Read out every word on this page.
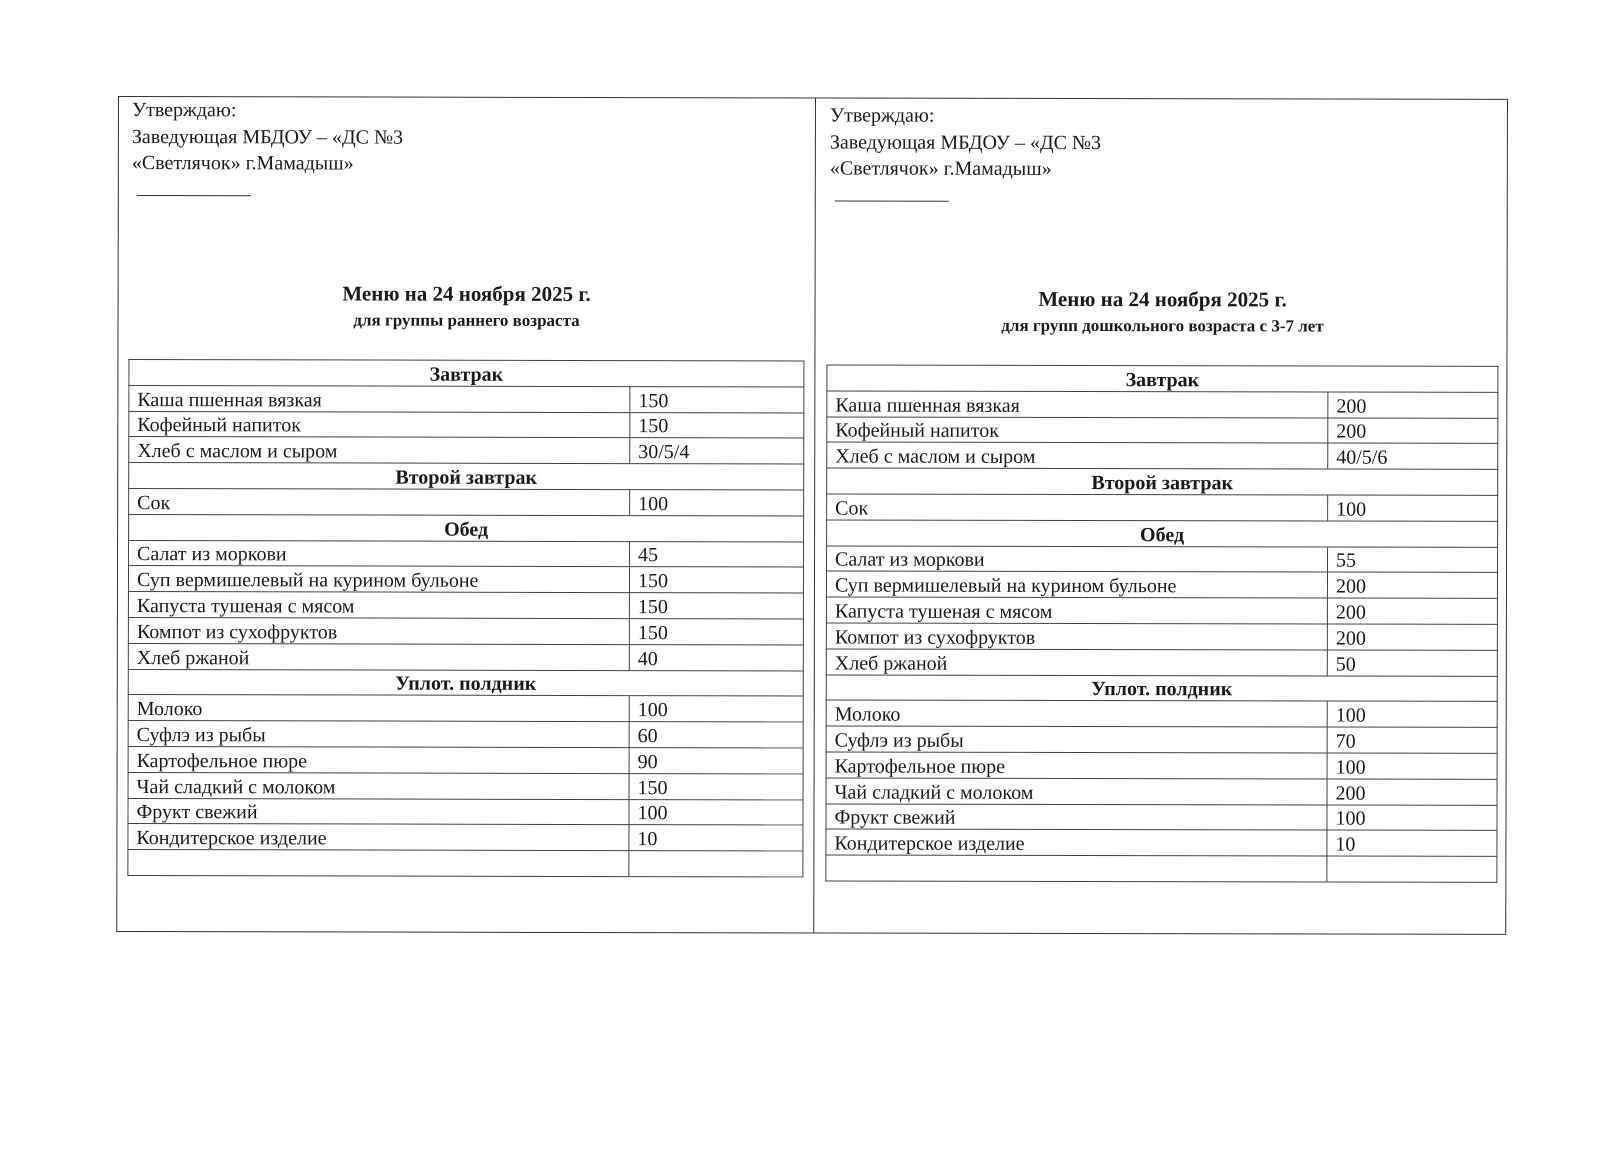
Утверждаю:
Заведующая МБДОУ – «ДС №3
«Светлячок» г.Мамадыш»
Меню на 24 ноября 2025 г.
для группы раннего возраста
Завтрак	
Каша пшенная вязкая	150
Кофейный напиток	150
Хлеб с маслом и сыром	30/5/4
Второй завтрак	
Сок	100
Обед	
Салат из моркови	45
Суп вермишелевый на курином бульоне	150
Капуста тушеная с мясом	150
Компот из сухофруктов	150
Хлеб ржаной	40
Уплот. полдник	
Молоко	100
Суфлэ из рыбы	60
Картофельное пюре	90
Чай сладкий с молоком	150
Фрукт свежий	100
Кондитерское изделие	10

Утверждаю:
Заведующая МБДОУ – «ДС №3
«Светлячок» г.Мамадыш»
Меню на 24 ноября 2025 г.
для групп дошкольного возраста с 3-7 лет
Завтрак	
Каша пшенная вязкая	200
Кофейный напиток	200
Хлеб с маслом и сыром	40/5/6
Второй завтрак	
Сок	100
Обед	
Салат из моркови	55
Суп вермишелевый на курином бульоне	200
Капуста тушеная с мясом	200
Компот из сухофруктов	200
Хлеб ржаной	50
Уплот. полдник	
Молоко	100
Суфлэ из рыбы	70
Картофельное пюре	100
Чай сладкий с молоком	200
Фрукт свежий	100
Кондитерское изделие	10
